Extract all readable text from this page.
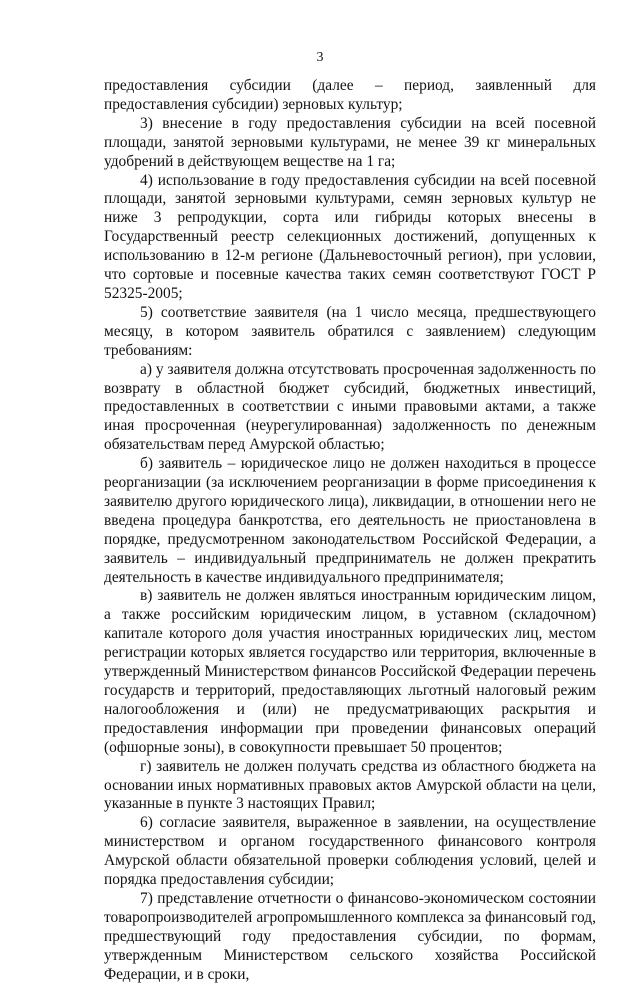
3

предоставления субсидии (далее – период, заявленный для предоставления субсидии) зерновых культур;

3) внесение в году предоставления субсидии на всей посевной площади, занятой зерновыми культурами, не менее 39 кг минеральных удобрений в действующем веществе на 1 га;

4) использование в году предоставления субсидии на всей посевной площади, занятой зерновыми культурами, семян зерновых культур не ниже 3 репродукции, сорта или гибриды которых внесены в Государственный реестр селекционных достижений, допущенных к использованию в 12-м регионе (Дальневосточный регион), при условии, что сортовые и посевные качества таких семян соответствуют ГОСТ Р 52325-2005;

5) соответствие заявителя (на 1 число месяца, предшествующего месяцу, в котором заявитель обратился с заявлением) следующим требованиям:

а) у заявителя должна отсутствовать просроченная задолженность по возврату в областной бюджет субсидий, бюджетных инвестиций, предоставленных в соответствии с иными правовыми актами, а также иная просроченная (неурегулированная) задолженность по денежным обязательствам перед Амурской областью;

б) заявитель – юридическое лицо не должен находиться в процессе реорганизации (за исключением реорганизации в форме присоединения к заявителю другого юридического лица), ликвидации, в отношении него не введена процедура банкротства, его деятельность не приостановлена в порядке, предусмотренном законодательством Российской Федерации, а заявитель – индивидуальный предприниматель не должен прекратить деятельность в качестве индивидуального предпринимателя;

в) заявитель не должен являться иностранным юридическим лицом, а также российским юридическим лицом, в уставном (складочном) капитале которого доля участия иностранных юридических лиц, местом регистрации которых является государство или территория, включенные в утвержденный Министерством финансов Российской Федерации перечень государств и территорий, предоставляющих льготный налоговый режим налогообложения и (или) не предусматривающих раскрытия и предоставления информации при проведении финансовых операций (офшорные зоны), в совокупности превышает 50 процентов;

г) заявитель не должен получать средства из областного бюджета на основании иных нормативных правовых актов Амурской области на цели, указанные в пункте 3 настоящих Правил;

6) согласие заявителя, выраженное в заявлении, на осуществление министерством и органом государственного финансового контроля Амурской области обязательной проверки соблюдения условий, целей и порядка предоставления субсидии;

7) представление отчетности о финансово-экономическом состоянии товаропроизводителей агропромышленного комплекса за финансовый год, предшествующий году предоставления субсидии, по формам, утвержденным Министерством сельского хозяйства Российской Федерации, и в сроки,
